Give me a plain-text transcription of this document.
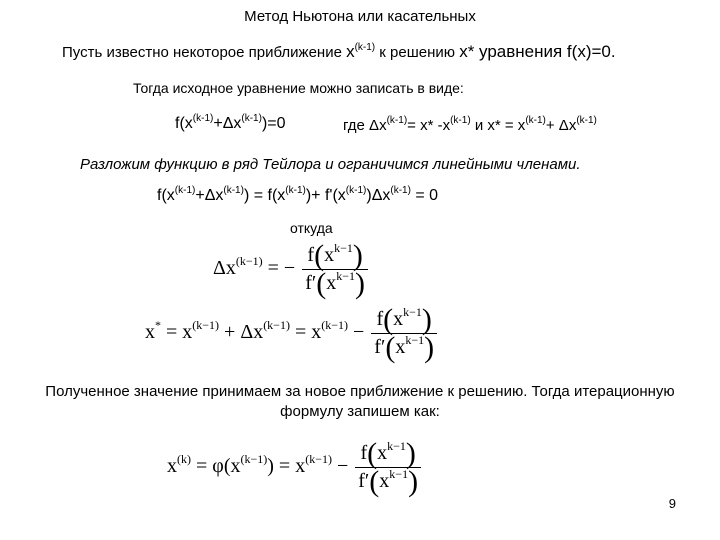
Метод Ньютона или касательных
Пусть известно некоторое приближение $x^{(k-1)}$ к решению x* уравнения f(x)=0.
Тогда исходное уравнение можно записать в виде:
$f(x^{(k-1)}+\Delta x^{(k-1)})=0$	где $\Delta x^{(k-1)}= x*$ $-x^{(k-1)}$ и $x* = x^{(k-1)}+ \Delta x^{(k-1)}$
Разложим функцию в ряд Тейлора и ограничимся линейными членами.
$f(x^{(k-1)}+\Delta x^{(k-1)}) = f(x^{(k-1)})+ f'(x^{(k-1)})\Delta x^{(k-1)} = 0$
откуда
$\Delta x^{(k-1)}$ = − $\frac{f(x^{k-1})}{f'(x^{k-1})}$
$x^* = x^{(k-1)} + \Delta x^{(k-1)} = x^{(k-1)} - \frac{f(x^{k-1})}{f'(x^{k-1})}$
Полученное значение принимаем за новое приближение к решению. Тогда итерационную
формулу запишем как:
$x^{(k)} = \varphi(x^{(k-1)}) = x^{(k-1)} - \frac{f(x^{k-1})}{f'(x^{k-1})}$
9
